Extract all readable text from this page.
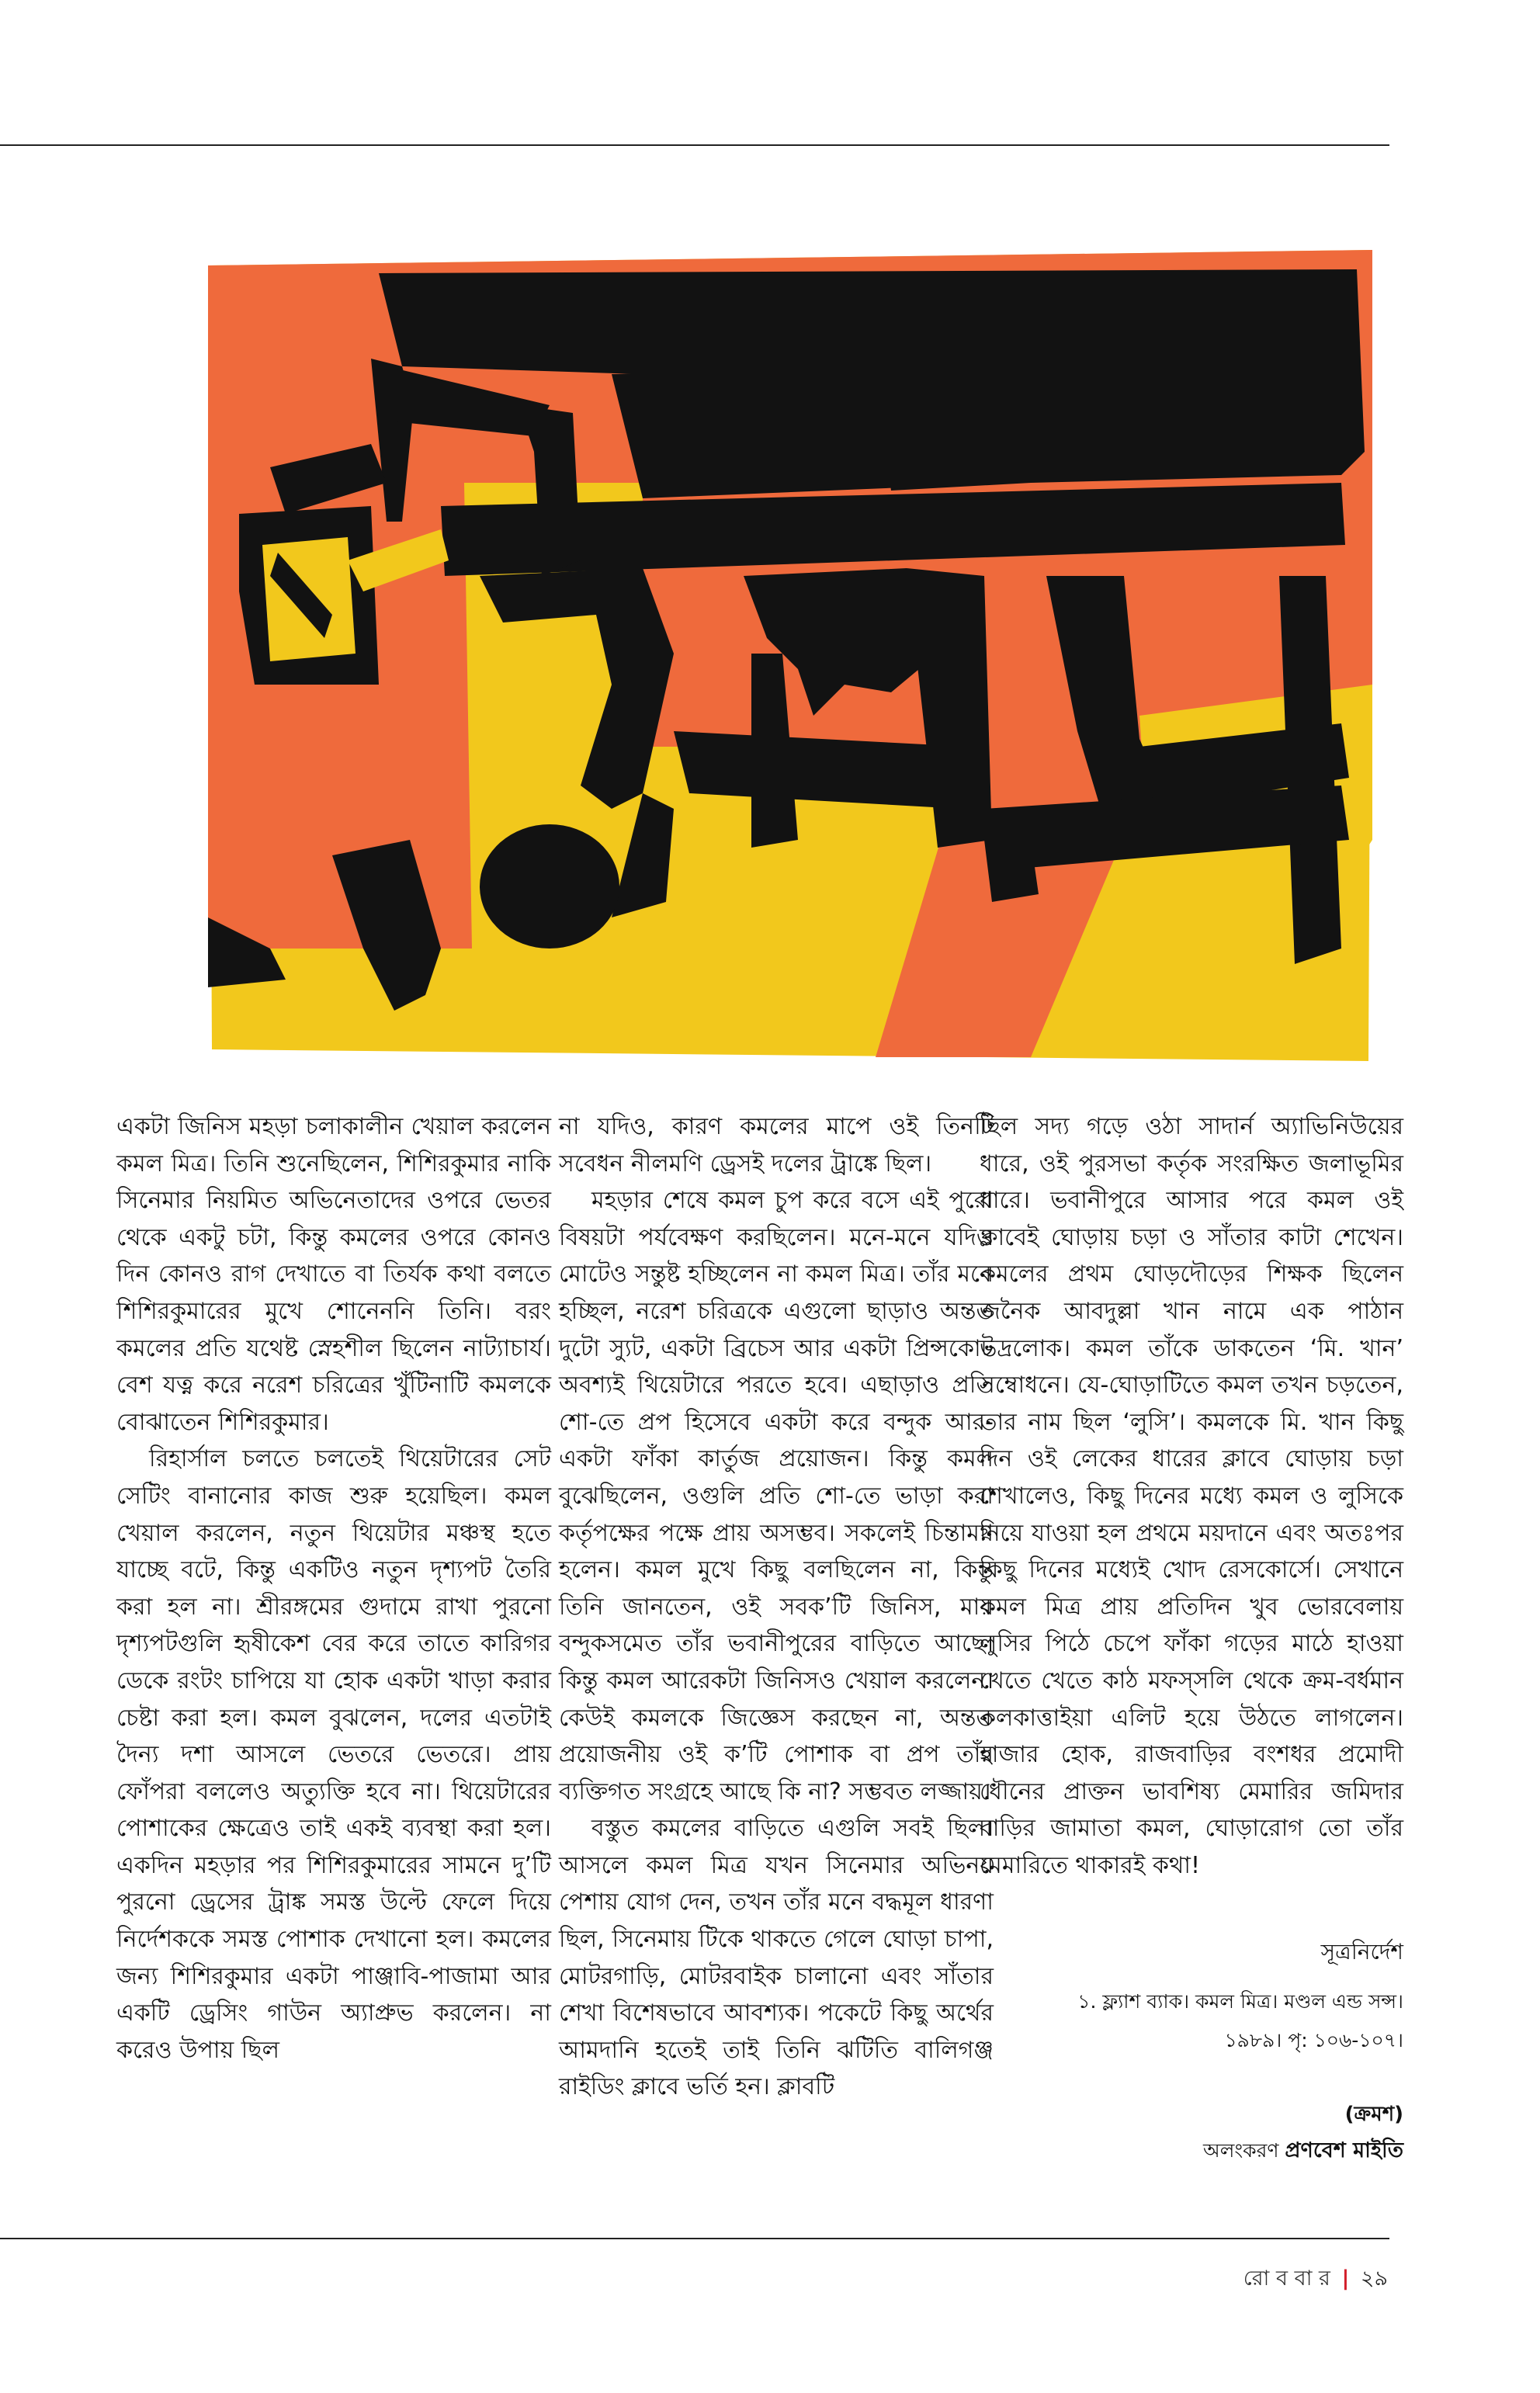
একটা জিনিস মহড়া চলাকালীন খেয়াল করলেন কমল মিত্র। তিনি শুনেছিলেন, শিশিরকুমার নাকি সিনেমার নিয়মিত অভিনেতাদের ওপরে ভেতর থেকে একটু চটা, কিন্তু কমলের ওপরে কোনও দিন কোনও রাগ দেখাতে বা তির্যক কথা বলতে শিশিরকুমারের মুখে শোনেননি তিনি। বরং কমলের প্রতি যথেষ্ট স্নেহশীল ছিলেন নাট্যাচার্য। বেশ যত্ন করে নরেশ চরিত্রের খুঁটিনাটি কমলকে বোঝাতেন শিশিরকুমার।

রিহার্সাল চলতে চলতেই থিয়েটারের সেট সেটিং বানানোর কাজ শুরু হয়েছিল। কমল খেয়াল করলেন, নতুন থিয়েটার মঞ্চস্থ হতে যাচ্ছে বটে, কিন্তু একটিও নতুন দৃশ্যপট তৈরি করা হল না। শ্রীরঙ্গমের গুদামে রাখা পুরনো দৃশ্যপটগুলি হৃষীকেশ বের করে তাতে কারিগর ডেকে রংটং চাপিয়ে যা হোক একটা খাড়া করার চেষ্টা করা হল। কমল বুঝলেন, দলের এতটাই দৈন্য দশা আসলে ভেতরে ভেতরে। প্রায় ফোঁপরা বললেও অত্যুক্তি হবে না। থিয়েটারের পোশাকের ক্ষেত্রেও তাই একই ব্যবস্থা করা হল। একদিন মহড়ার পর শিশিরকুমারের সামনে দু’টি পুরনো ড্রেসের ট্রাঙ্ক সমস্ত উল্টে ফেলে দিয়ে নির্দেশককে সমস্ত পোশাক দেখানো হল। কমলের জন্য শিশিরকুমার একটা পাঞ্জাবি-পাজামা আর একটি ড্রেসিং গাউন অ্যাপ্রুভ করলেন। না করেও উপায় ছিল

না যদিও, কারণ কমলের মাপে ওই তিনটি সবেধন নীলমণি ড্রেসই দলের ট্রাঙ্কে ছিল।

মহড়ার শেষে কমল চুপ করে বসে এই পুরো বিষয়টা পর্যবেক্ষণ করছিলেন। মনে-মনে যদিও মোটেও সন্তুষ্ট হচ্ছিলেন না কমল মিত্র। তাঁর মনে হচ্ছিল, নরেশ চরিত্রকে এগুলো ছাড়াও অন্তত দুটো স্যুট, একটা ব্রিচেস আর একটা প্রিন্সকোট অবশ্যই থিয়েটারে পরতে হবে। এছাড়াও প্রতি শো-তে প্রপ হিসেবে একটা করে বন্দুক আর-একটা ফাঁকা কার্তুজ প্রয়োজন। কিন্তু কমল বুঝেছিলেন, ওগুলি প্রতি শো-তে ভাড়া করা কর্তৃপক্ষের পক্ষে প্রায় অসম্ভব। সকলেই চিন্তামগ্ন হলেন। কমল মুখে কিছু বলছিলেন না, কিন্তু তিনি জানতেন, ওই সবক’টি জিনিস, মায় বন্দুকসমেত তাঁর ভবানীপুরের বাড়িতে আছে। কিন্তু কমল আরেকটা জিনিসও খেয়াল করলেন। কেউই কমলকে জিজ্ঞেস করছেন না, অন্তত প্রয়োজনীয় ওই ক’টি পোশাক বা প্রপ তাঁর ব্যক্তিগত সংগ্রহে আছে কি না? সম্ভবত লজ্জায়।

বস্তুত কমলের বাড়িতে এগুলি সবই ছিল। আসলে কমল মিত্র যখন সিনেমার অভিনয় পেশায় যোগ দেন, তখন তাঁর মনে বদ্ধমূল ধারণা ছিল, সিনেমায় টিকে থাকতে গেলে ঘোড়া চাপা, মোটরগাড়ি, মোটরবাইক চালানো এবং সাঁতার শেখা বিশেষভাবে আবশ্যক। পকেটে কিছু অর্থের আমদানি হতেই তাই তিনি ঝটিতি বালিগঞ্জ রাইডিং ক্লাবে ভর্তি হন। ক্লাবটি

ছিল সদ্য গড়ে ওঠা সাদার্ন অ্যাভিনিউয়ের ধারে, ওই পুরসভা কর্তৃক সংরক্ষিত জলাভূমির ধারে। ভবানীপুরে আসার পরে কমল ওই ক্লাবেই ঘোড়ায় চড়া ও সাঁতার কাটা শেখেন। কমলের প্রথম ঘোড়দৌড়ের শিক্ষক ছিলেন জনৈক আবদুল্লা খান নামে এক পাঠান ভদ্রলোক। কমল তাঁকে ডাকতেন ‘মি. খান’ সম্বোধনে। যে-ঘোড়াটিতে কমল তখন চড়তেন, তার নাম ছিল ‘লুসি’। কমলকে মি. খান কিছু দিন ওই লেকের ধারের ক্লাবে ঘোড়ায় চড়া শেখালেও, কিছু দিনের মধ্যে কমল ও লুসিকে নিয়ে যাওয়া হল প্রথমে ময়দানে এবং অতঃপর কিছু দিনের মধ্যেই খোদ রেসকোর্সে। সেখানে কমল মিত্র প্রায় প্রতিদিন খুব ভোরবেলায় লুসির পিঠে চেপে ফাঁকা গড়ের মাঠে হাওয়া খেতে খেতে কাঠ মফস্সলি থেকে ক্রম-বর্ধমান কলকাত্তাইয়া এলিট হয়ে উঠতে লাগলেন। হাজার হোক, রাজবাড়ির বংশধর প্রমোদী ধৌনের প্রাক্তন ভাবশিষ্য মেমারির জমিদার বাড়ির জামাতা কমল, ঘোড়ারোগ তো তাঁর মেমারিতে থাকারই কথা!

সূত্রনির্দেশ
১. ফ্ল্যাশ ব্যাক। কমল মিত্র। মণ্ডল এন্ড সন্স।
১৯৮৯। পৃ: ১০৬-১০৭।
(ক্রমশ)
অলংকরণ প্রণবেশ মাইতি
রো ব বা র | ২৯
